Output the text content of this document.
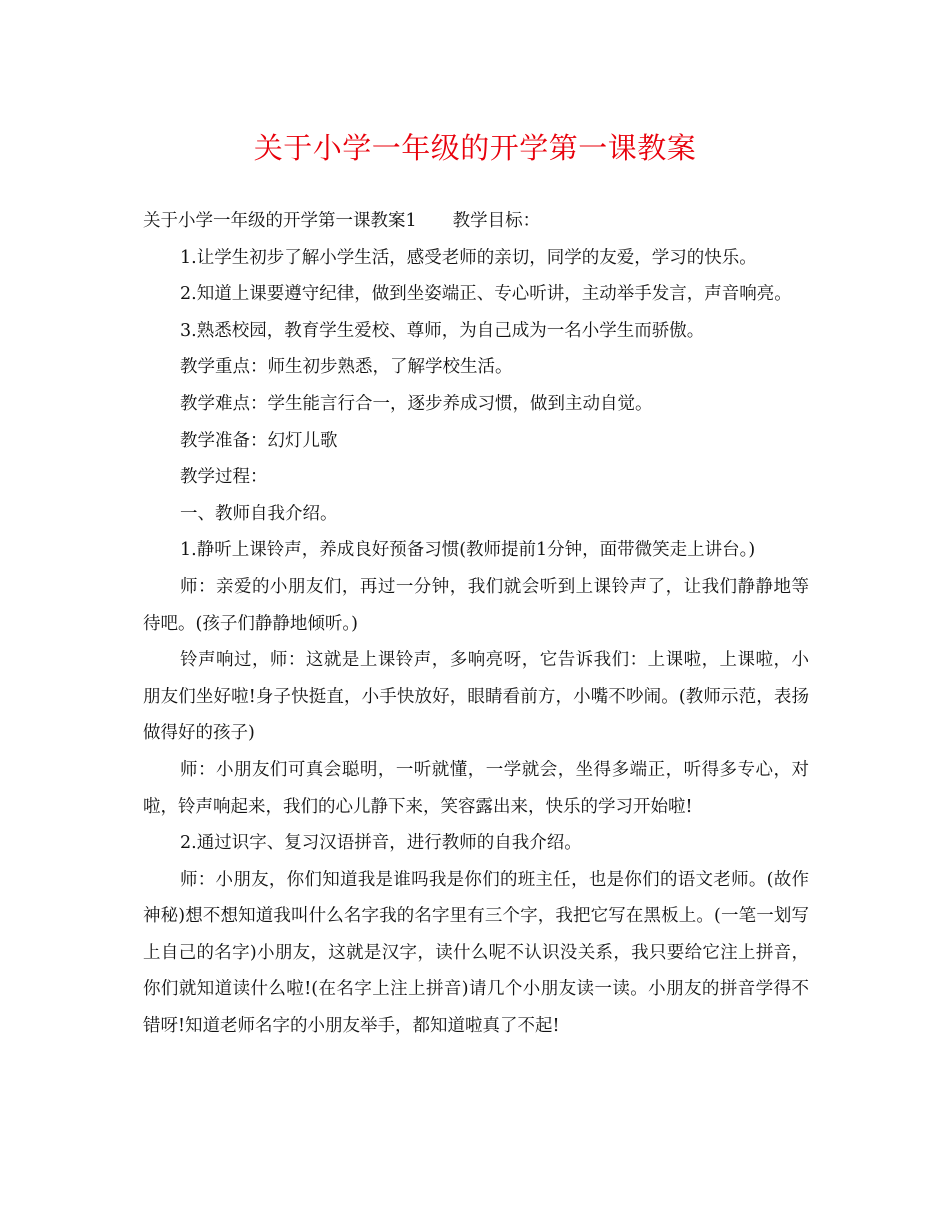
关于小学一年级的开学第一课教案

关于小学一年级的开学第一课教案1 教学目标：

1.让学生初步了解小学生活，感受老师的亲切，同学的友爱，学习的快乐。

2.知道上课要遵守纪律，做到坐姿端正、专心听讲，主动举手发言，声音响亮。

3.熟悉校园，教育学生爱校、尊师，为自己成为一名小学生而骄傲。

教学重点：师生初步熟悉，了解学校生活。

教学难点：学生能言行合一，逐步养成习惯，做到主动自觉。

教学准备：幻灯儿歌

教学过程：

一、教师自我介绍。

1.静听上课铃声，养成良好预备习惯(教师提前1分钟，面带微笑走上讲台。)

师：亲爱的小朋友们，再过一分钟，我们就会听到上课铃声了，让我们静静地等待吧。(孩子们静静地倾听。)

铃声响过，师：这就是上课铃声，多响亮呀，它告诉我们：上课啦，上课啦，小朋友们坐好啦!身子快挺直，小手快放好，眼睛看前方，小嘴不吵闹。(教师示范，表扬做得好的孩子)

师：小朋友们可真会聪明，一听就懂，一学就会，坐得多端正，听得多专心，对啦，铃声响起来，我们的心儿静下来，笑容露出来，快乐的学习开始啦!

2.通过识字、复习汉语拼音，进行教师的自我介绍。

师：小朋友，你们知道我是谁吗我是你们的班主任，也是你们的语文老师。(故作神秘)想不想知道我叫什么名字我的名字里有三个字，我把它写在黑板上。(一笔一划写上自己的名字)小朋友，这就是汉字，读什么呢不认识没关系，我只要给它注上拼音，你们就知道读什么啦!(在名字上注上拼音)请几个小朋友读一读。小朋友的拼音学得不错呀!知道老师名字的小朋友举手，都知道啦真了不起!
